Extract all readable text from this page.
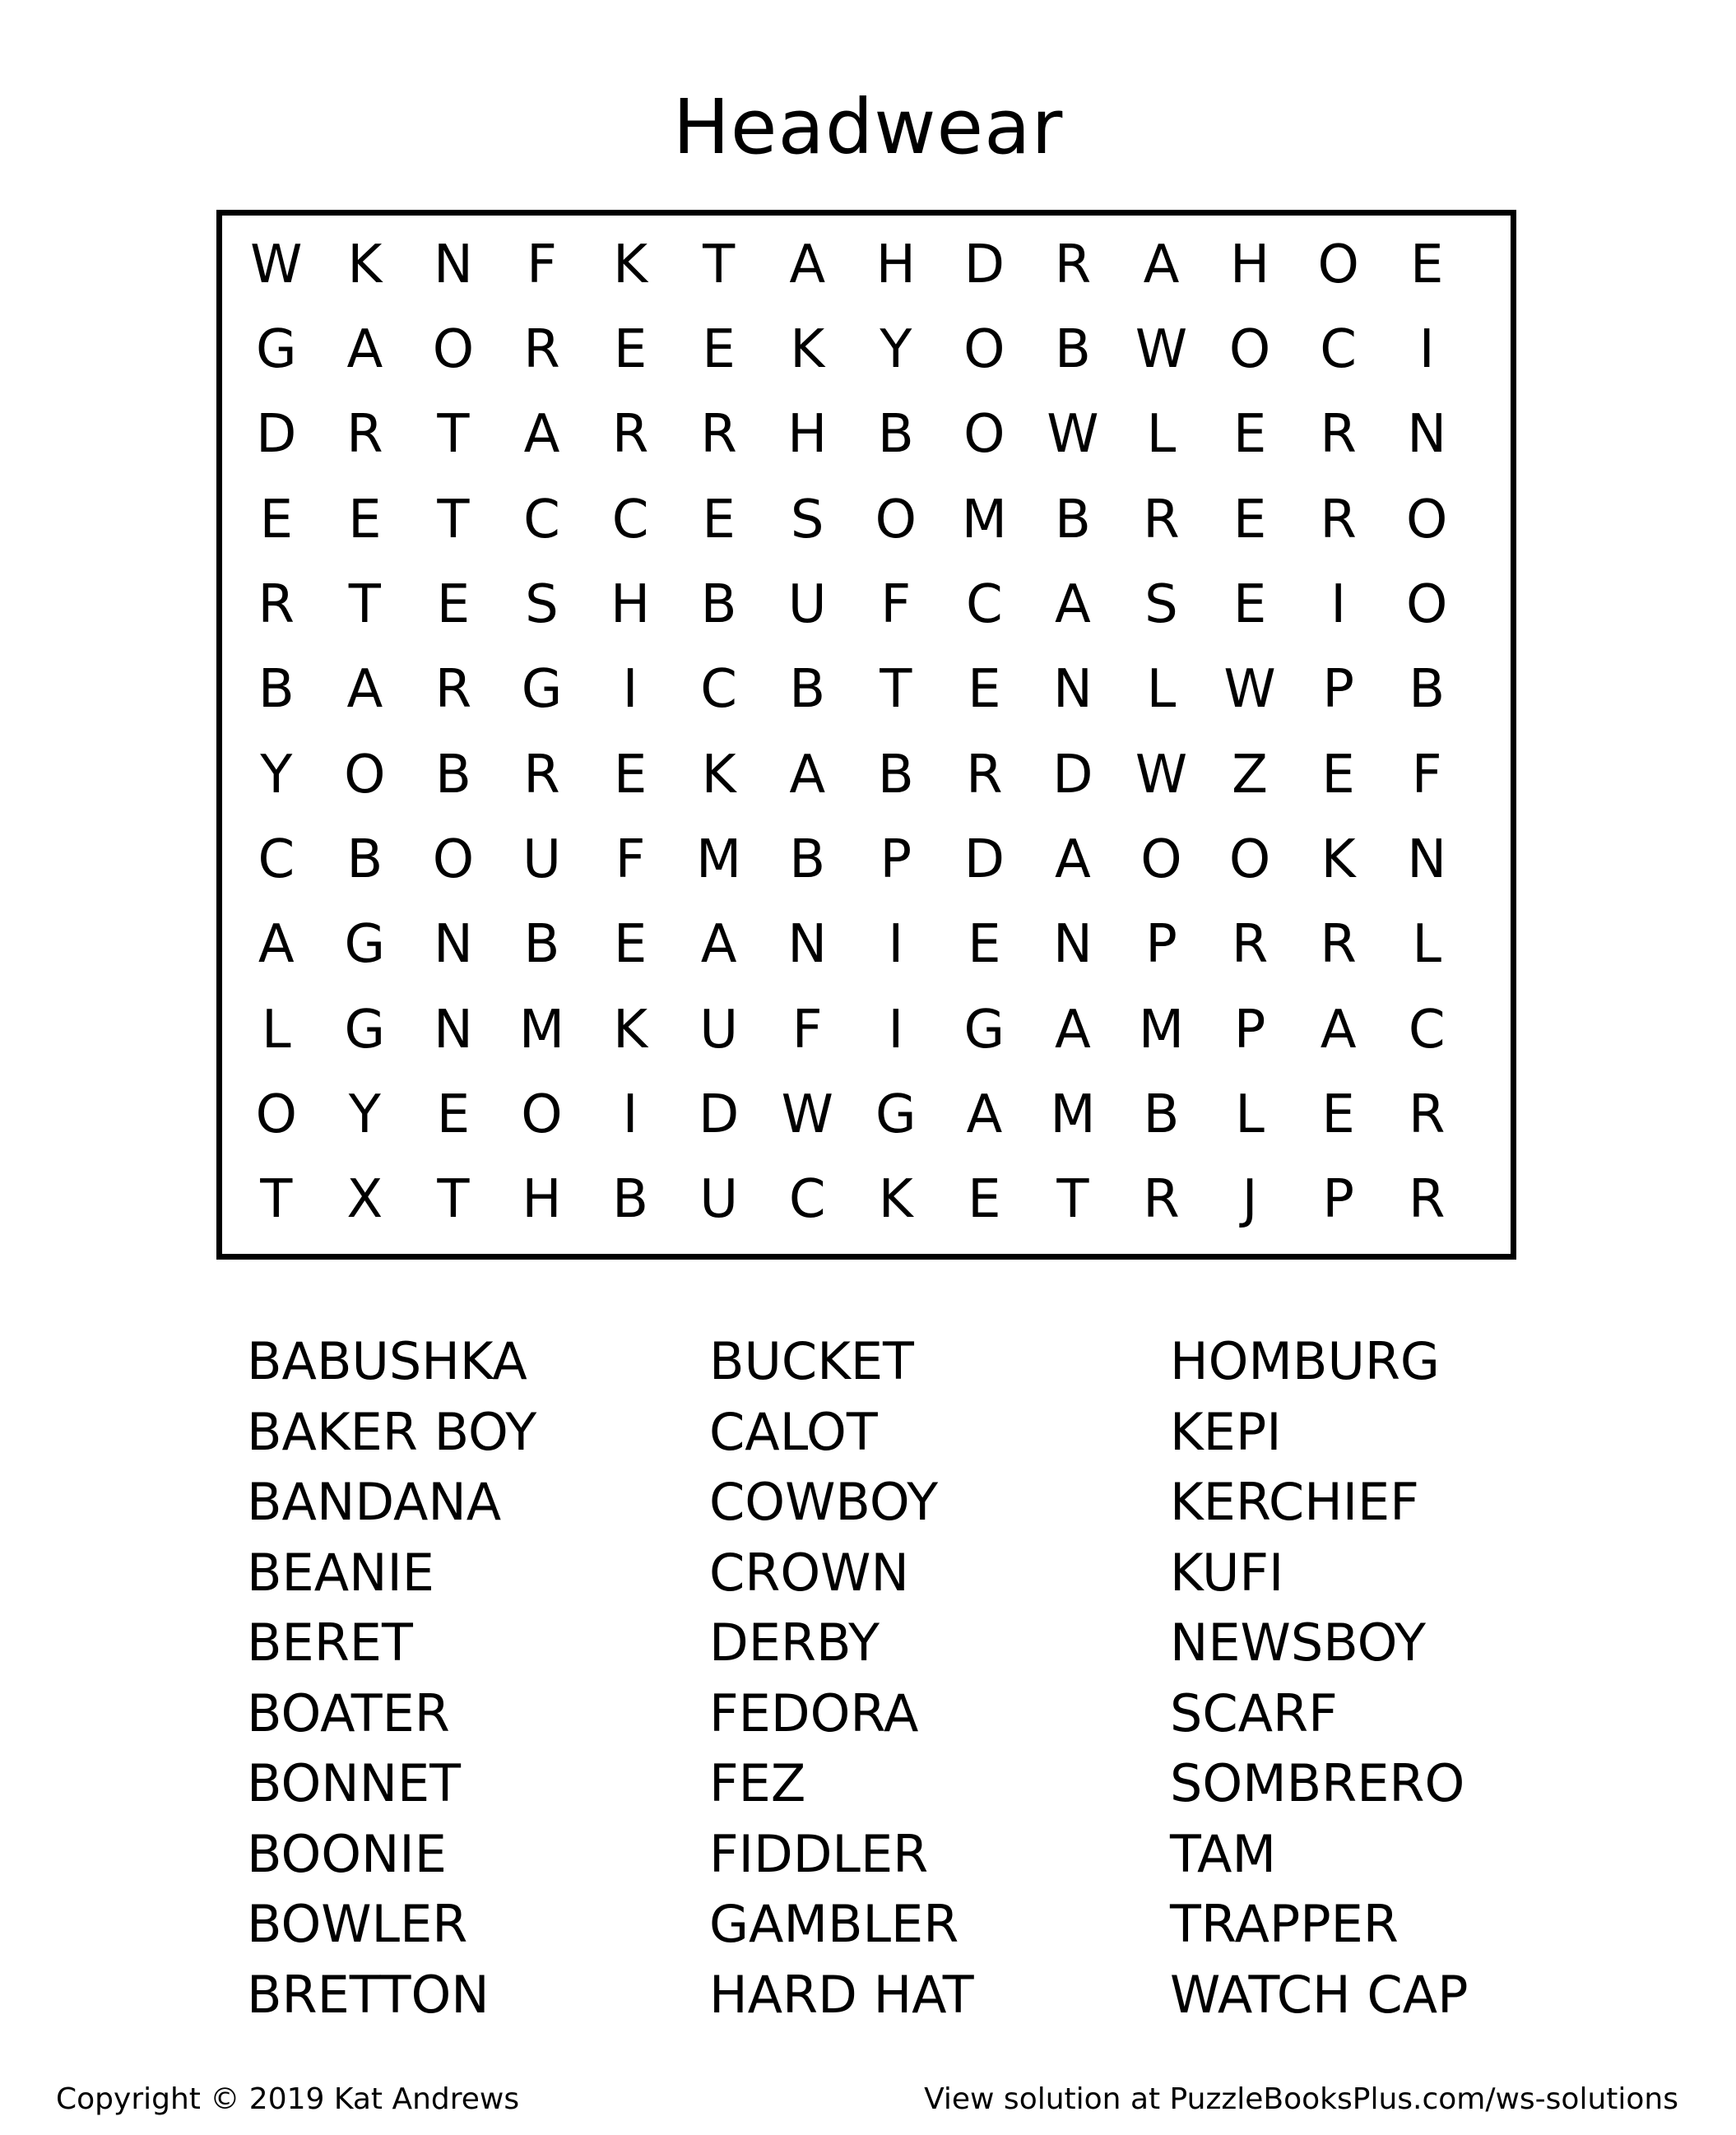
Headwear
W K N	F	K	T	A H D R A H O E
G A O R	E	E	K	Y O B W O C	I
D R	T	A R R H B O W L	E	R N
E	E	T	C C	E	S O M B R	E	R O
R	T	E	S H B U	F	C A	S	E	I	O
B A R G	I	C B	T	E N	L W P	B
Y O B R	E	K	A B R D W Z	E	F
C B O U	F M B	P D A O O K N
A G N B	E	A N	I	E N	P	R R	L
L	G N M K U	F	I	G A M P	A C
O Y	E O	I	D W G A M B	L	E	R
T	X	T H B U C	K	E	T	R	J	P	R
BABUSHKA
BAKER BOY
BANDANA
BEANIE
BERET
BOATER
BONNET
BOONIE
BOWLER
BRETTON
BUCKET
CALOT
COWBOY
CROWN
DERBY
FEDORA
FEZ
FIDDLER
GAMBLER
HARD HAT
HOMBURG
KEPI
KERCHIEF
KUFI
NEWSBOY
SCARF
SOMBRERO
TAM
TRAPPER
WATCH CAP
Copyright © 2019 Kat Andrews	View solution at PuzzleBooksPlus.com/ws-solutions
